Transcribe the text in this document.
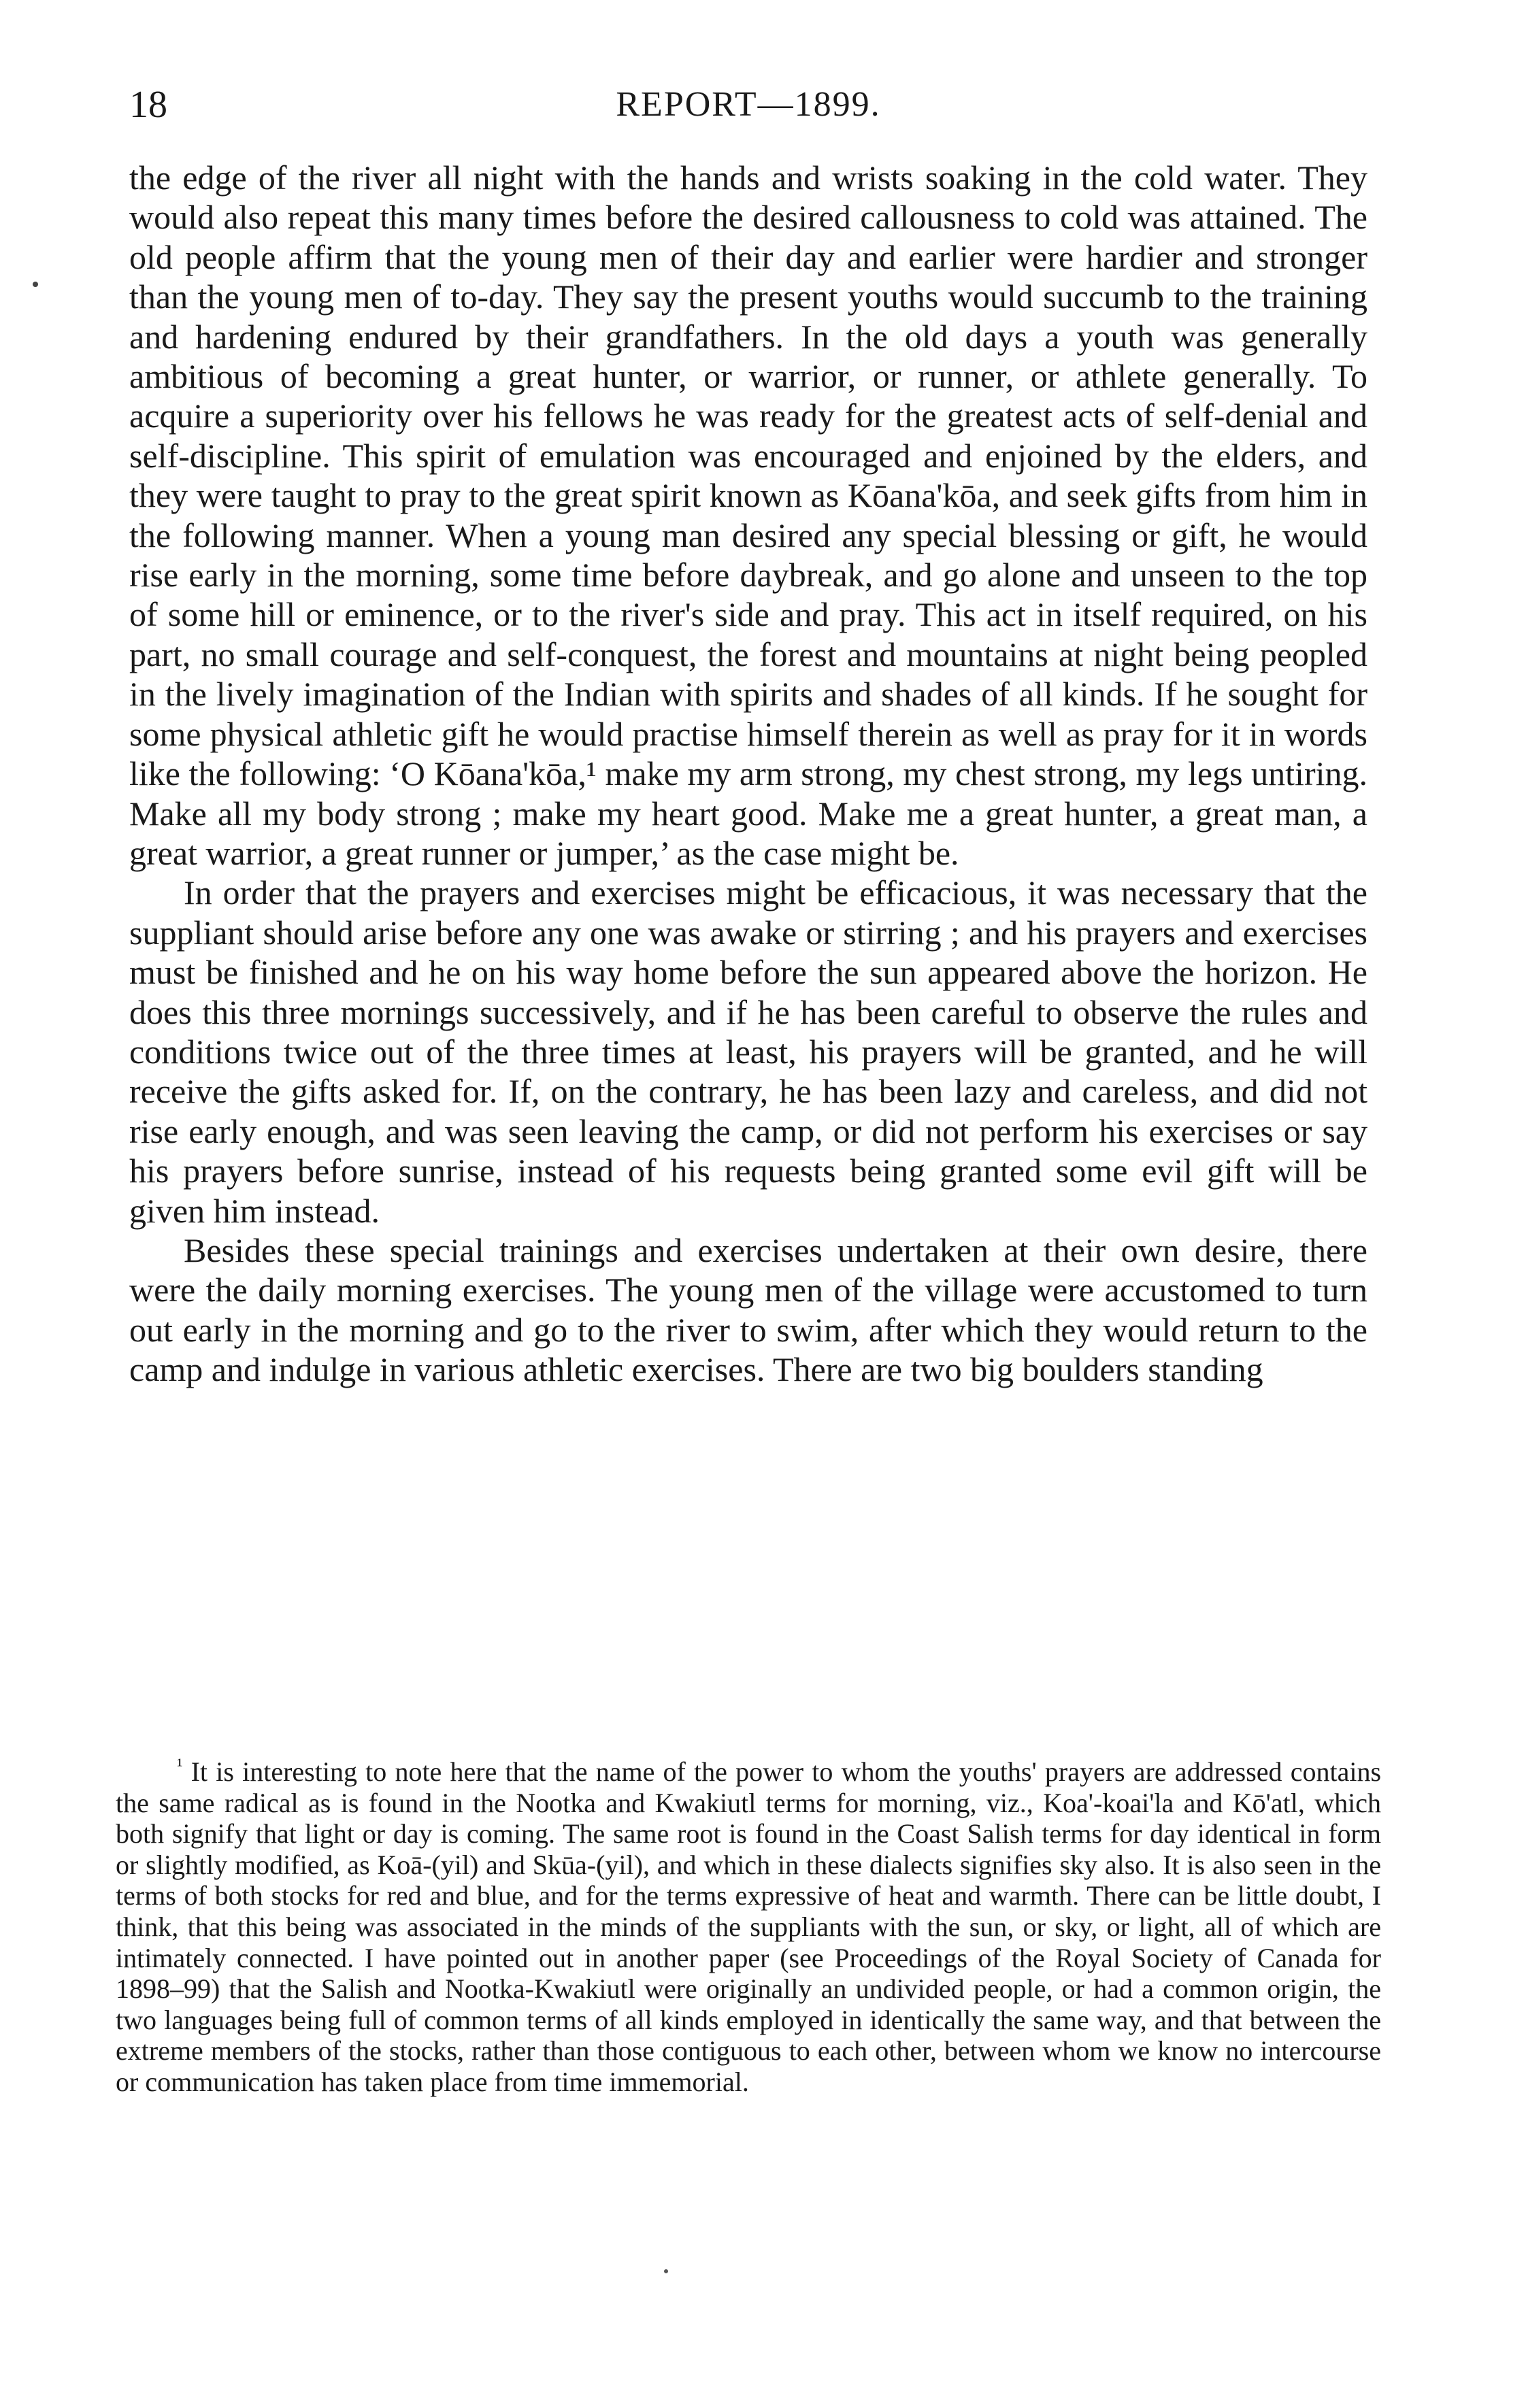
18	REPORT—1899.

the edge of the river all night with the hands and wrists soaking in the cold water. They would also repeat this many times before the desired callousness to cold was attained. The old people affirm that the young men of their day and earlier were hardier and stronger than the young men of to-day. They say the present youths would succumb to the training and hardening endured by their grandfathers. In the old days a youth was generally ambitious of becoming a great hunter, or warrior, or runner, or athlete generally. To acquire a superiority over his fellows he was ready for the greatest acts of self-denial and self-discipline. This spirit of emulation was encouraged and enjoined by the elders, and they were taught to pray to the great spirit known as Kōana'kōa, and seek gifts from him in the following manner. When a young man desired any special blessing or gift, he would rise early in the morning, some time before daybreak, and go alone and unseen to the top of some hill or eminence, or to the river's side and pray. This act in itself required, on his part, no small courage and self-conquest, the forest and mountains at night being peopled in the lively imagination of the Indian with spirits and shades of all kinds. If he sought for some physical athletic gift he would practise himself therein as well as pray for it in words like the following: ‘O Kōana'kōa,¹ make my arm strong, my chest strong, my legs untiring. Make all my body strong ; make my heart good. Make me a great hunter, a great man, a great warrior, a great runner or jumper,’ as the case might be.

In order that the prayers and exercises might be efficacious, it was necessary that the suppliant should arise before any one was awake or stirring ; and his prayers and exercises must be finished and he on his way home before the sun appeared above the horizon. He does this three mornings successively, and if he has been careful to observe the rules and conditions twice out of the three times at least, his prayers will be granted, and he will receive the gifts asked for. If, on the contrary, he has been lazy and careless, and did not rise early enough, and was seen leaving the camp, or did not perform his exercises or say his prayers before sunrise, instead of his requests being granted some evil gift will be given him instead.

Besides these special trainings and exercises undertaken at their own desire, there were the daily morning exercises. The young men of the village were accustomed to turn out early in the morning and go to the river to swim, after which they would return to the camp and indulge in various athletic exercises. There are two big boulders standing

$^{^1}$ It is interesting to note here that the name of the power to whom the youths' prayers are addressed contains the same radical as is found in the Nootka and Kwakiutl terms for morning, viz., Koa'-koai'la and Kō'atl, which both signify that light or day is coming. The same root is found in the Coast Salish terms for day identical in form or slightly modified, as Koā-(yil) and Skūa-(yil), and which in these dialects signifies sky also. It is also seen in the terms of both stocks for red and blue, and for the terms expressive of heat and warmth. There can be little doubt, I think, that this being was associated in the minds of the suppliants with the sun, or sky, or light, all of which are intimately connected. I have pointed out in another paper (see Proceedings of the Royal Society of Canada for 1898–99) that the Salish and Nootka-Kwakiutl were originally an undivided people, or had a common origin, the two languages being full of common terms of all kinds employed in identically the same way, and that between the extreme members of the stocks, rather than those contiguous to each other, between whom we know no intercourse or communication has taken place from time immemorial.
